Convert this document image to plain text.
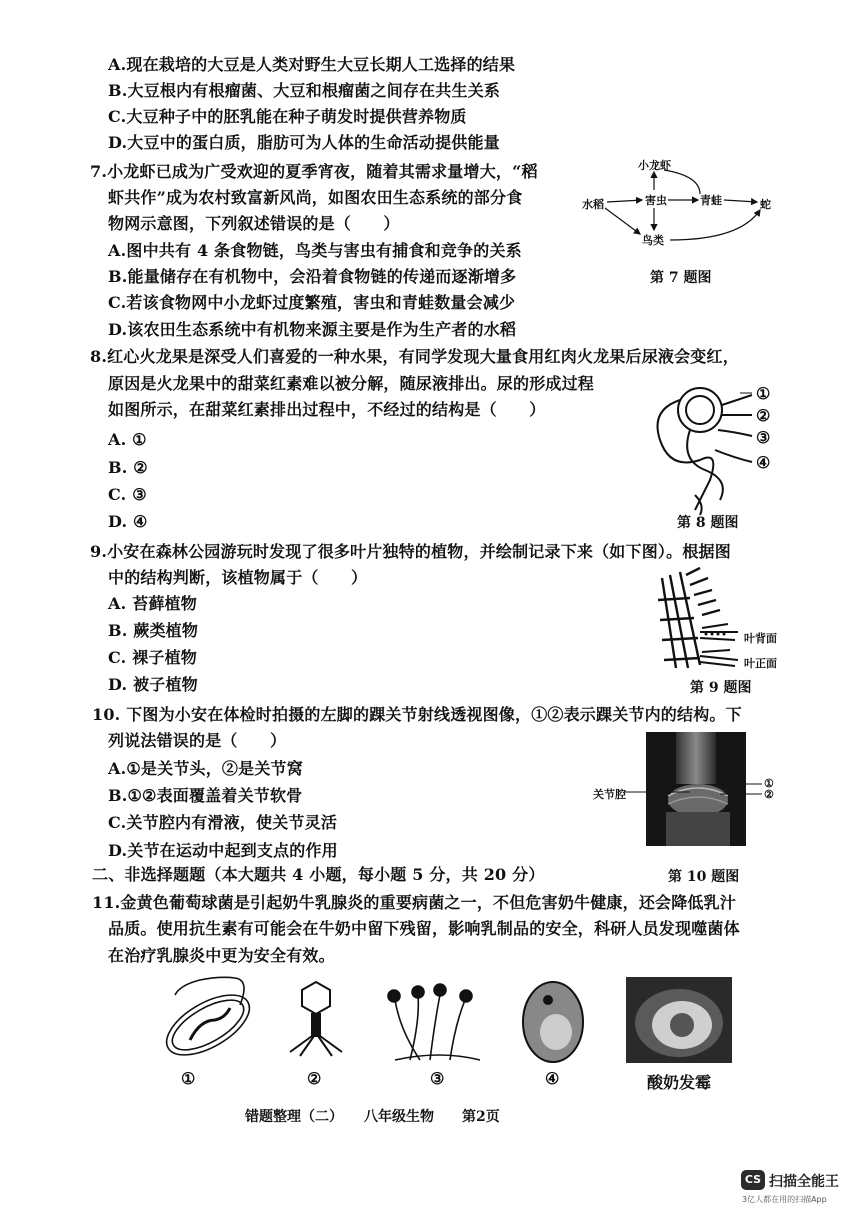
A.现在栽培的大豆是人类对野生大豆长期人工选择的结果
B.大豆根内有根瘤菌、大豆和根瘤菌之间存在共生关系
C.大豆种子中的胚乳能在种子萌发时提供营养物质
D.大豆中的蛋白质，脂肪可为人体的生命活动提供能量
7.小龙虾已成为广受欢迎的夏季宵夜，随着其需求量增大，“稻
虾共作”成为农村致富新风尚，如图农田生态系统的部分食
物网示意图，下列叙述错误的是（　　）
A.图中共有 4 条食物链，鸟类与害虫有捕食和竞争的关系
B.能量储存在有机物中，会沿着食物链的传递而逐渐增多
C.若该食物网中小龙虾过度繁殖，害虫和青蛙数量会减少
D.该农田生态系统中有机物来源主要是作为生产者的水稻
小龙虾
水稻	害虫	青蛙	蛇
鸟类
第 7 题图
8.红心火龙果是深受人们喜爱的一种水果，有同学发现大量食用红肉火龙果后尿液会变红，
原因是火龙果中的甜菜红素难以被分解，随尿液排出。尿的形成过程
如图所示，在甜菜红素排出过程中，不经过的结构是（　　）
A. ①
B. ②
C. ③
D. ④
①
②
③
④
第 8 题图
9.小安在森林公园游玩时发现了很多叶片独特的植物，并绘制记录下来（如下图）。根据图
中的结构判断，该植物属于（　　）
A. 苔藓植物
B. 蕨类植物
C. 裸子植物
D. 被子植物
叶背面
叶正面
第 9 题图
10. 下图为小安在体检时拍摄的左脚的踝关节射线透视图像，①②表示踝关节内的结构。下
列说法错误的是（　　）
A.①是关节头，②是关节窝
B.①②表面覆盖着关节软骨
C.关节腔内有滑液，使关节灵活
D.关节在运动中起到支点的作用
关节腔
①
②
二、非选择题题（本大题共 4 小题，每小题 5 分，共 20 分）	第 10 题图
11.金黄色葡萄球菌是引起奶牛乳腺炎的重要病菌之一，不但危害奶牛健康，还会降低乳汁
品质。使用抗生素有可能会在牛奶中留下残留，影响乳制品的安全，科研人员发现噬菌体
在治疗乳腺炎中更为安全有效。
①	②	③	④	酸奶发霉
错题整理（二）　　八年级生物　　第2页
CS 扫描全能王
3亿人都在用的扫描App
